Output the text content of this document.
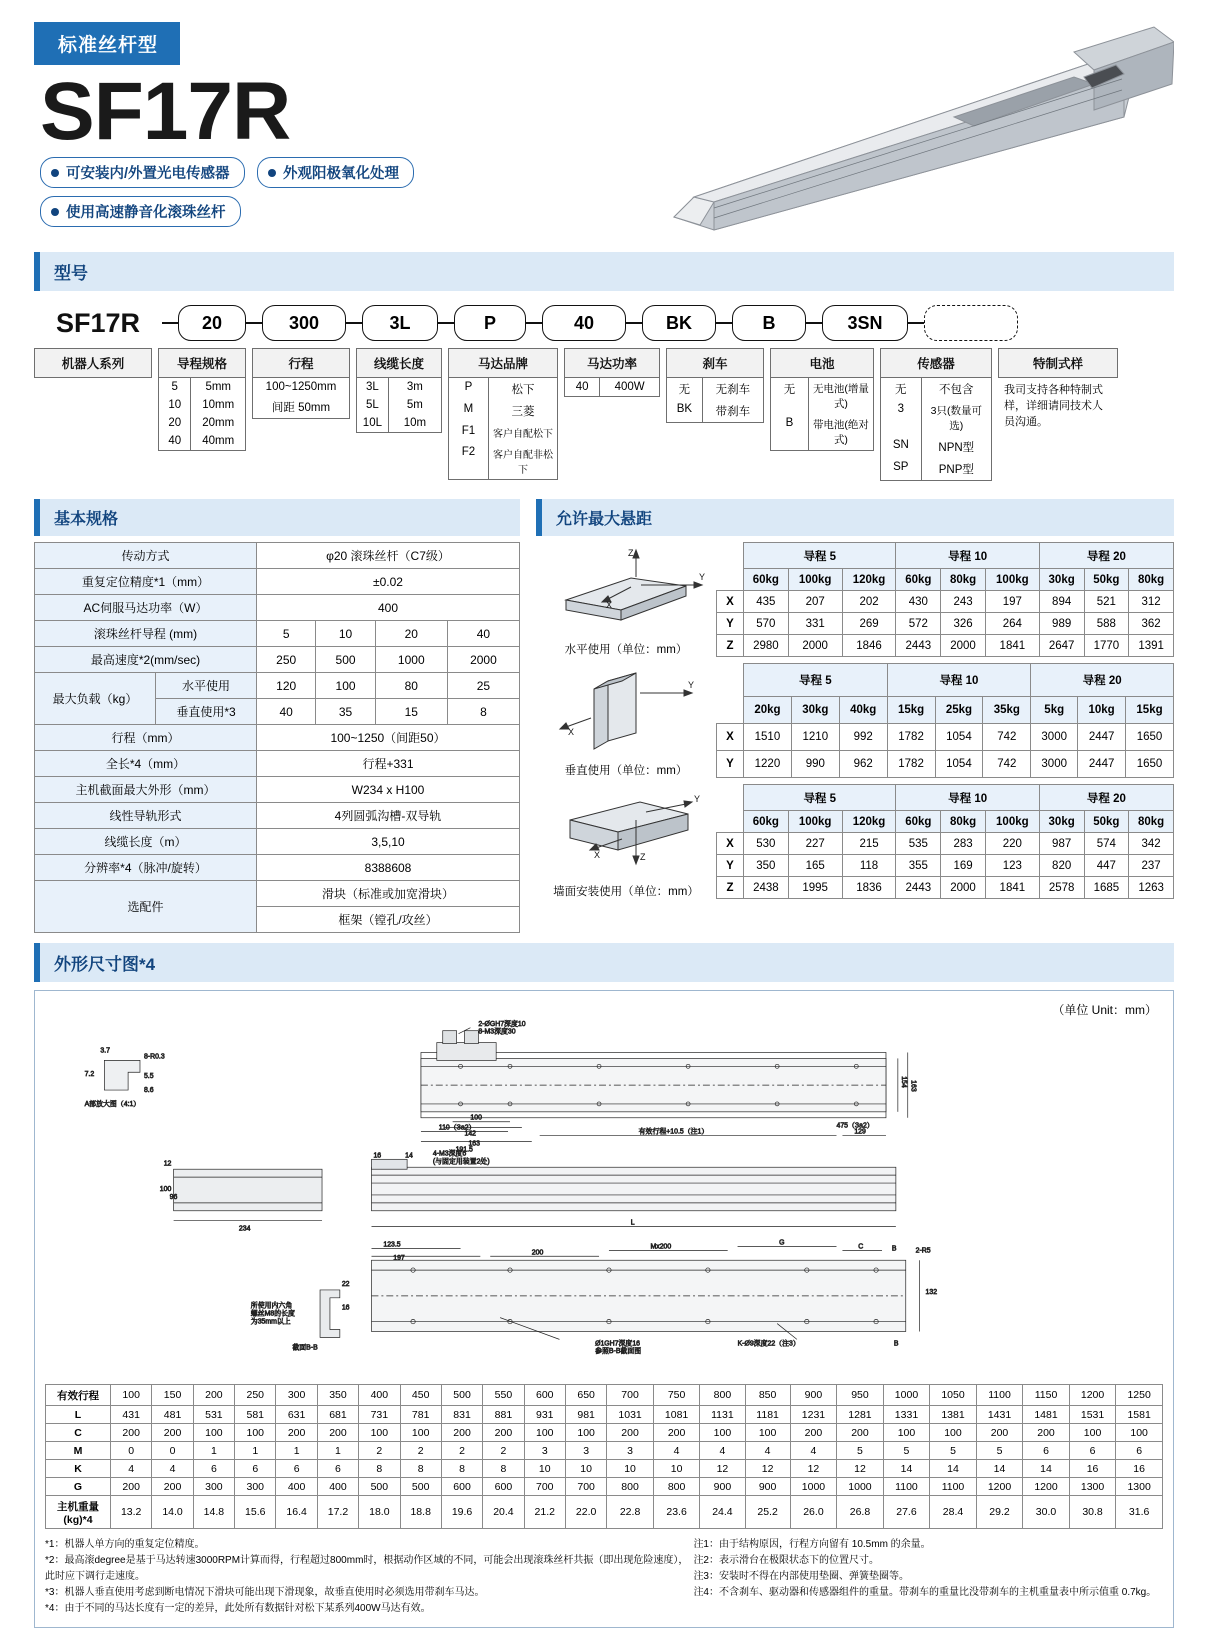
标准丝杆型
SF17R
可安装内/外置光电传感器	外观阳极氧化处理
使用高速静音化滚珠丝杆
型号
SF17R	20	300	3L	P	40	BK	B	3SN
机器人系列	导程规格
5	5mm
10	10mm
20	20mm
40	40mm
行程
100~1250mm
间距 50mm
线缆长度
3L	3m
5L	5m
10L	10m
马达品牌
P	松下
M	三菱
F1	客户自配松下
F2	客户自配非松下
马达功率
40	400W
刹车
无	无刹车
BK	带刹车
电池
无	无电池(增量式)
B	带电池(绝对式)
传感器
无	不包含
3	3只(数量可选)
SN	NPN型
SP	PNP型
特制式样
我司支持各种特制式样，详细请同技术人员沟通。
基本规格
传动方式		φ20 滚珠丝杆（C7级）			
重复定位精度*1（mm）		±0.02			
AC伺服马达功率（W）		400			
滚珠丝杆导程 (mm)		5	10	20	40
最高速度*2(mm/sec)		250	500	1000	2000
最大负载（kg）	水平使用	120	100	80	25
	垂直使用*3	40	35	15	8
行程（mm）		100~1250（间距50）			
全长*4（mm）		行程+331			
主机截面最大外形（mm）		W234 x H100			
线性导轨形式		4列圆弧沟槽-双导轨			
线缆长度（m）		3,5,10			
分辨率*4（脉冲/旋转）		8388608			
选配件		滑块（标准或加宽滑块）			
		框架（镗孔/攻丝）			
允许最大悬距
Z
Y
X
水平使用（单位：mm）
	导程 5			导程 10			导程 20		
	60kg	100kg	120kg	60kg	80kg	100kg	30kg	50kg	80kg
X	435	207	202	430	243	197	894	521	312
Y	570	331	269	572	326	264	989	588	362
Z	2980	2000	1846	2443	2000	1841	2647	1770	1391
Y
X
垂直使用（单位：mm）
	导程 5			导程 10			导程 20		
	20kg	30kg	40kg	15kg	25kg	35kg	5kg	10kg	15kg
X	1510	1210	992	1782	1054	742	3000	2447	1650
Y	1220	990	962	1782	1054	742	3000	2447	1650
Y
Z
X
墙面安装使用（单位：mm）
	导程 5			导程 10			导程 20		
	60kg	100kg	120kg	60kg	80kg	100kg	30kg	50kg	80kg
X	530	227	215	535	283	220	987	574	342
Y	350	165	118	355	169	123	820	447	237
Z	2438	1995	1836	2443	2000	1841	2578	1685	1263
外形尺寸图*4
（单位 Unit：mm）
2-ØGH7深度10
8-M3深度30
110（За2）
191.5
100
142
163
有效行程+10.5（注1）	129
154 163
475（За2）
8-R0.3
7.2
3.7
5.5
8.6
A部放大图（4:1）
100
96
12
234
16	14	4-M3深度6
(与固定用装置2处)
L
123.5
197
200
Mx200
G
C	B	2-R5
132
B
Ø1GH7深度16
参照B-B截面图
K-Ø9深度22（注3）
22
16
所使用内六角
螺丝M8的长度
为35mm以上
截面B-B
有效行程	100	150	200	250	300	350	400	450	500	550	600	650	700	750	800	850	900	950	1000	1050	1100	1150	1200	1250
L	431	481	531	581	631	681	731	781	831	881	931	981	1031	1081	1131	1181	1231	1281	1331	1381	1431	1481	1531	1581
C	200	200	100	100	200	200	100	100	200	200	100	100	200	200	100	100	200	200	100	100	200	200	100	100
M	0	0	1	1	1	1	2	2	2	2	3	3	3	4	4	4	4	5	5	5	5	6	6	6
K	4	4	6	6	6	6	8	8	8	8	10	10	10	10	12	12	12	12	14	14	14	14	16	16
G	200	200	300	300	400	400	500	500	600	600	700	700	800	800	900	900	1000	1000	1100	1100	1200	1200	1300	1300
主机重量(kg)*4	13.2	14.0	14.8	15.6	16.4	17.2	18.0	18.8	19.6	20.4	21.2	22.0	22.8	23.6	24.4	25.2	26.0	26.8	27.6	28.4	29.2	30.0	30.8	31.6
*1：机器人单方向的重复定位精度。
*2：最高滚degree是基于马达转速3000RPM计算而得，行程超过800mm时，根据动作区域的不同，可能会出现滚珠丝杆共振（即出现危险速度），此时应下调行走速度。
*3：机器人垂直使用考虑到断电情况下滑块可能出现下滑现象，故垂直使用时必须选用带刹车马达。
*4：由于不同的马达长度有一定的差异，此处所有数据针对松下某系列400W马达有效。
注1：由于结构原因，行程方向留有 10.5mm 的余量。
注2：表示滑台在极限状态下的位置尺寸。
注3：安装时不得在内部使用垫圈、弹簧垫圈等。
注4：不含刹车、驱动器和传感器组件的重量。带刹车的重量比没带刹车的主机重量表中所示值重 0.7kg。
